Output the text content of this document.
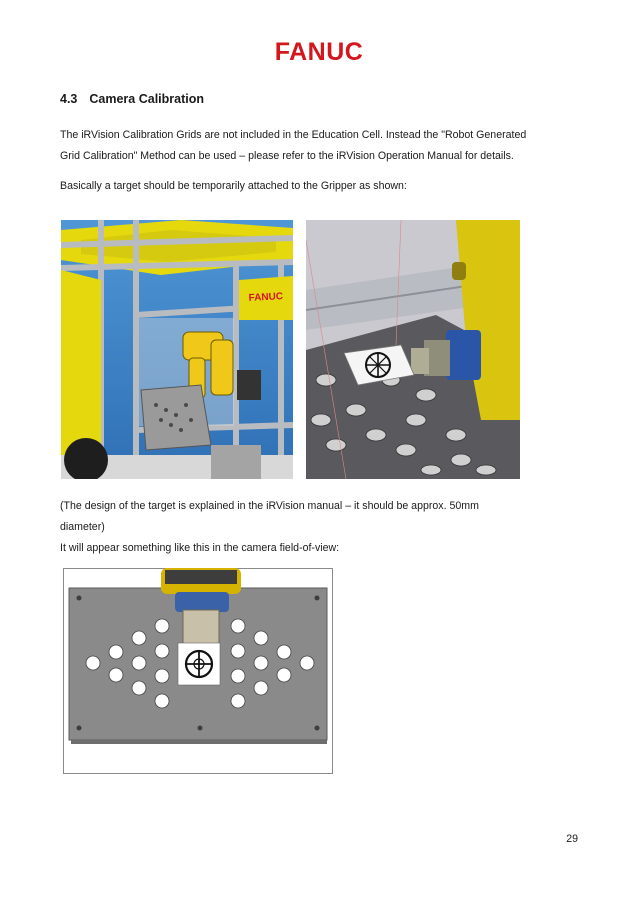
FANUC
4.3 Camera Calibration
The iRVision Calibration Grids are not included in the Education Cell. Instead the "Robot Generated
Grid Calibration" Method can be used – please refer to the iRVision Operation Manual for details.
Basically a target should be temporarily attached to the Gripper as shown:
FANUC
(The design of the target is explained in the iRVision manual – it should be approx. 50mm
diameter)
It will appear something like this in the camera field-of-view:
29
